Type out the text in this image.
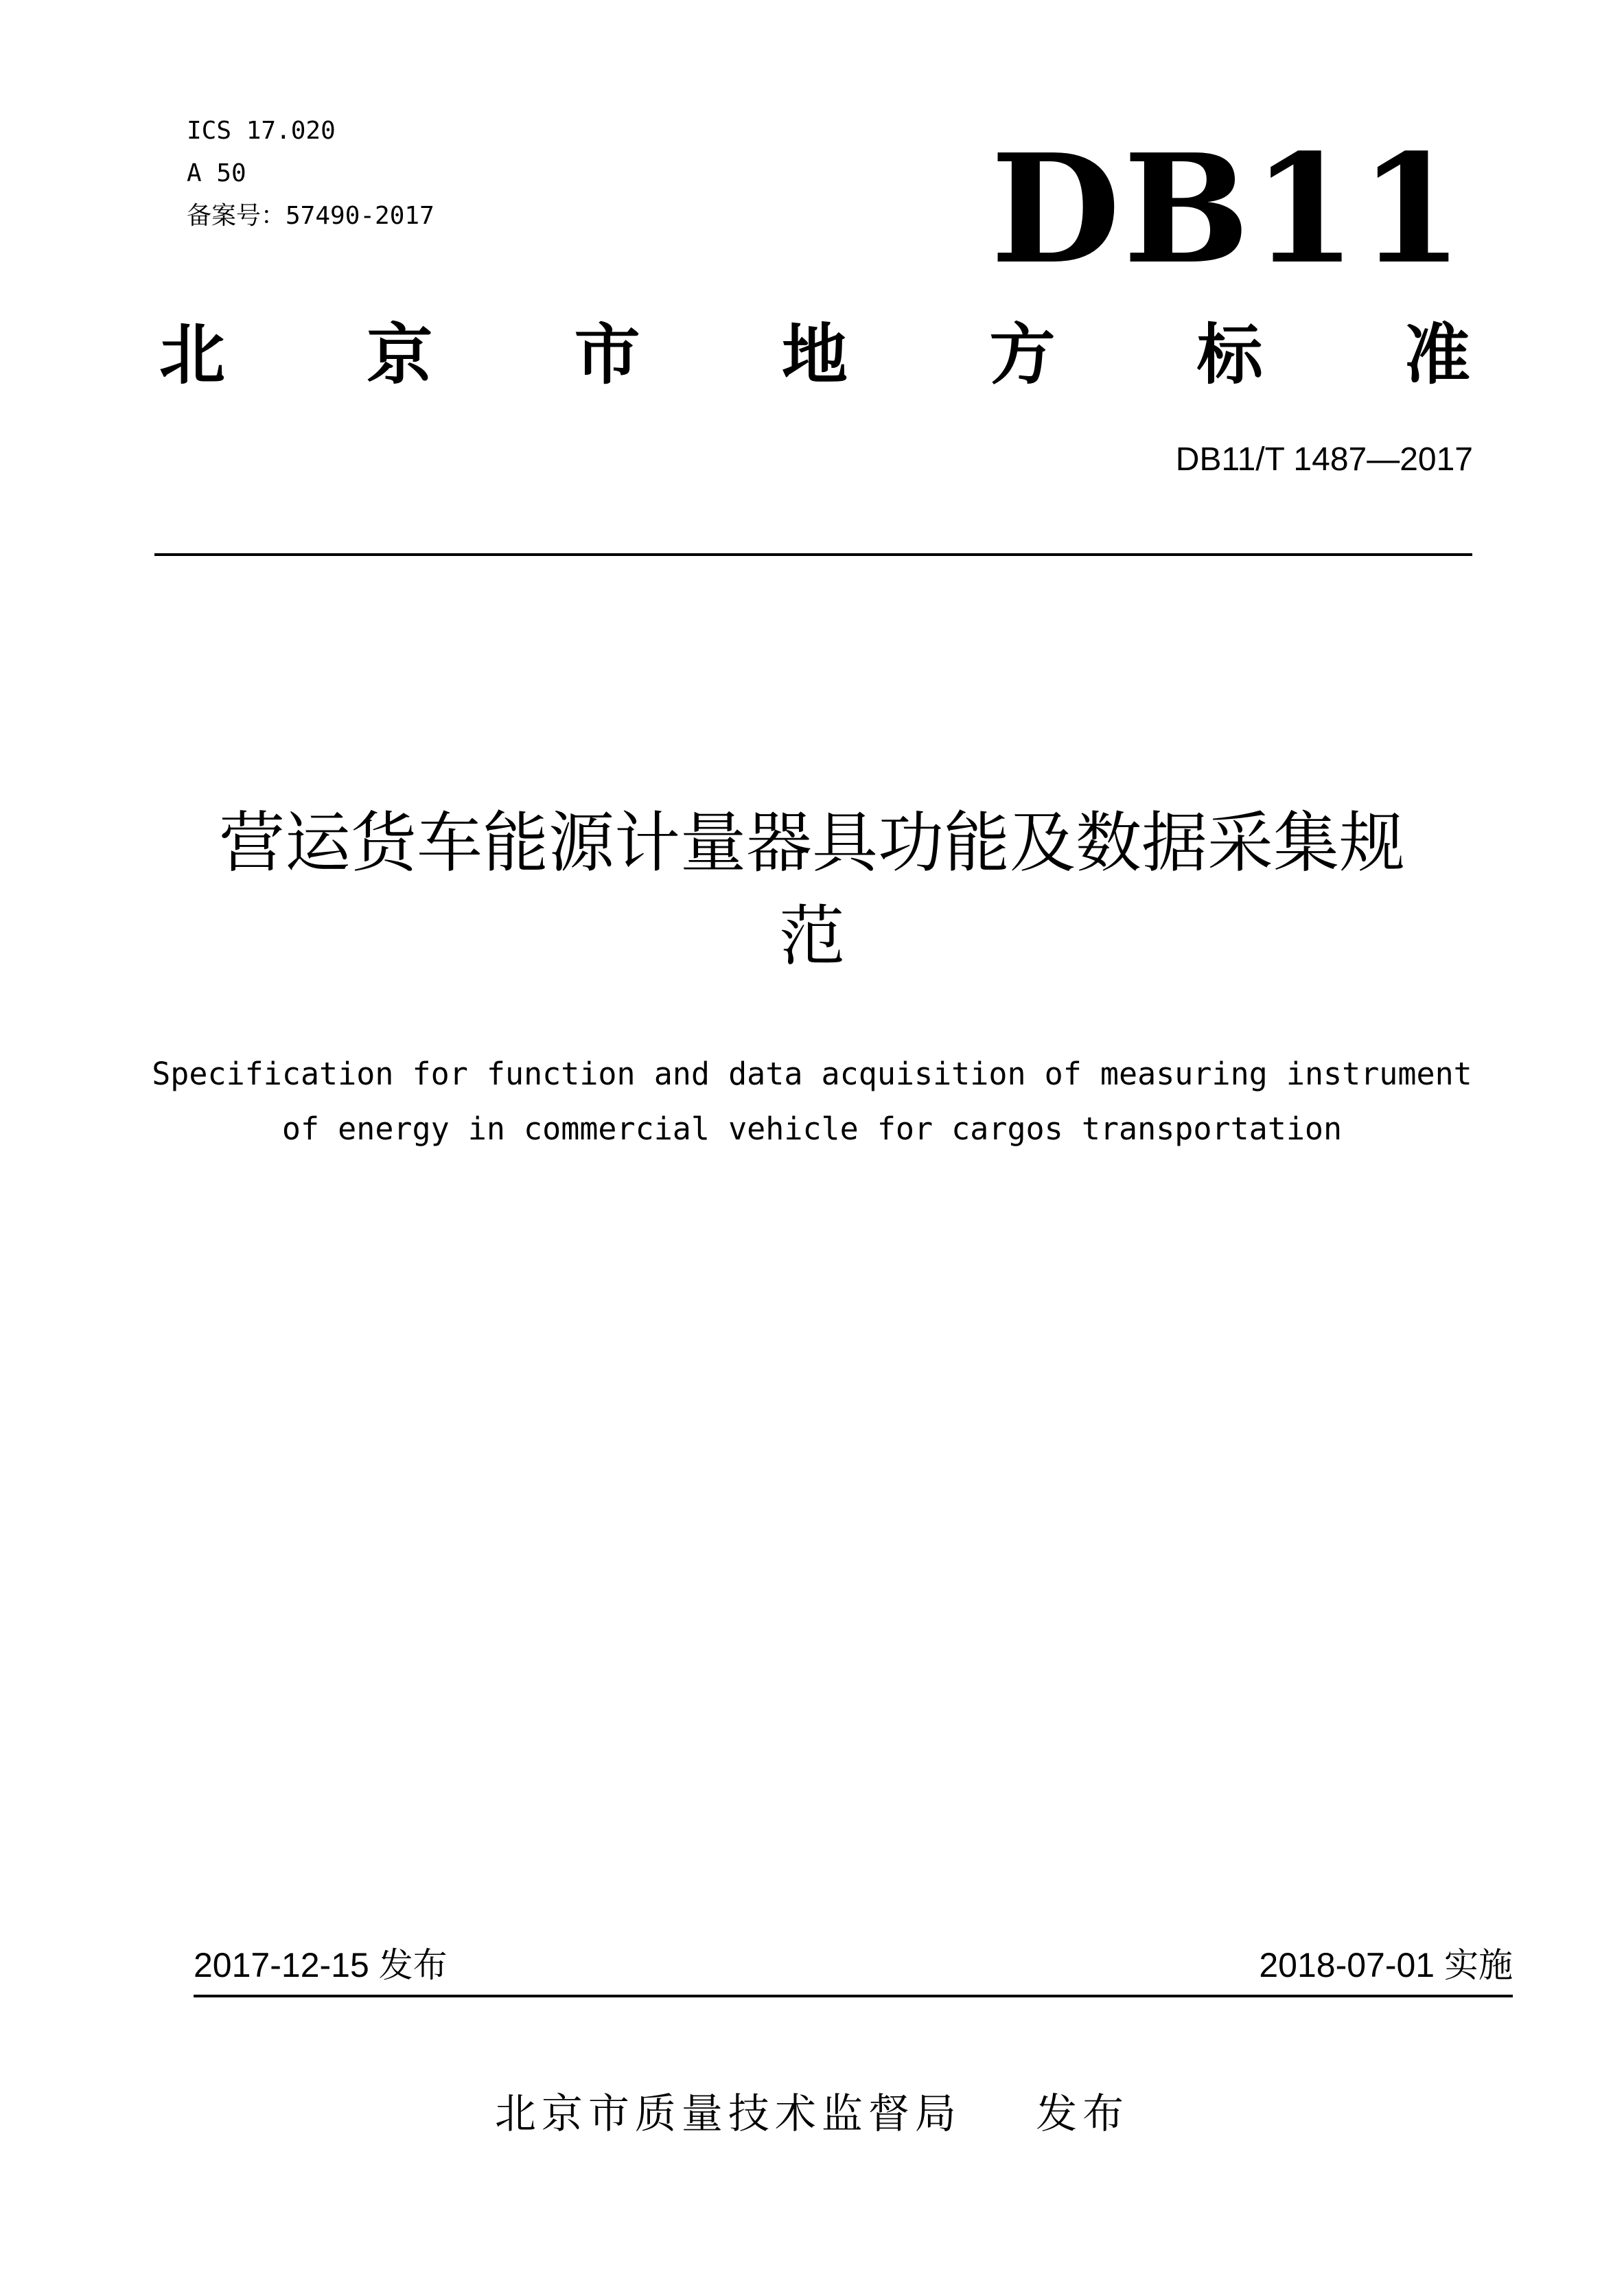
ICS 17.020
A 50
备案号：57490-2017	DB11
北 京 市 地 方 标 准
DB11/T 1487—2017
营运货车能源计量器具功能及数据采集规
范
Specification for function and data acquisition of measuring instrument
of energy in commercial vehicle for cargos transportation
2017-12-15 发布	2018-07-01 实施
北京市质量技术监督局 发布
